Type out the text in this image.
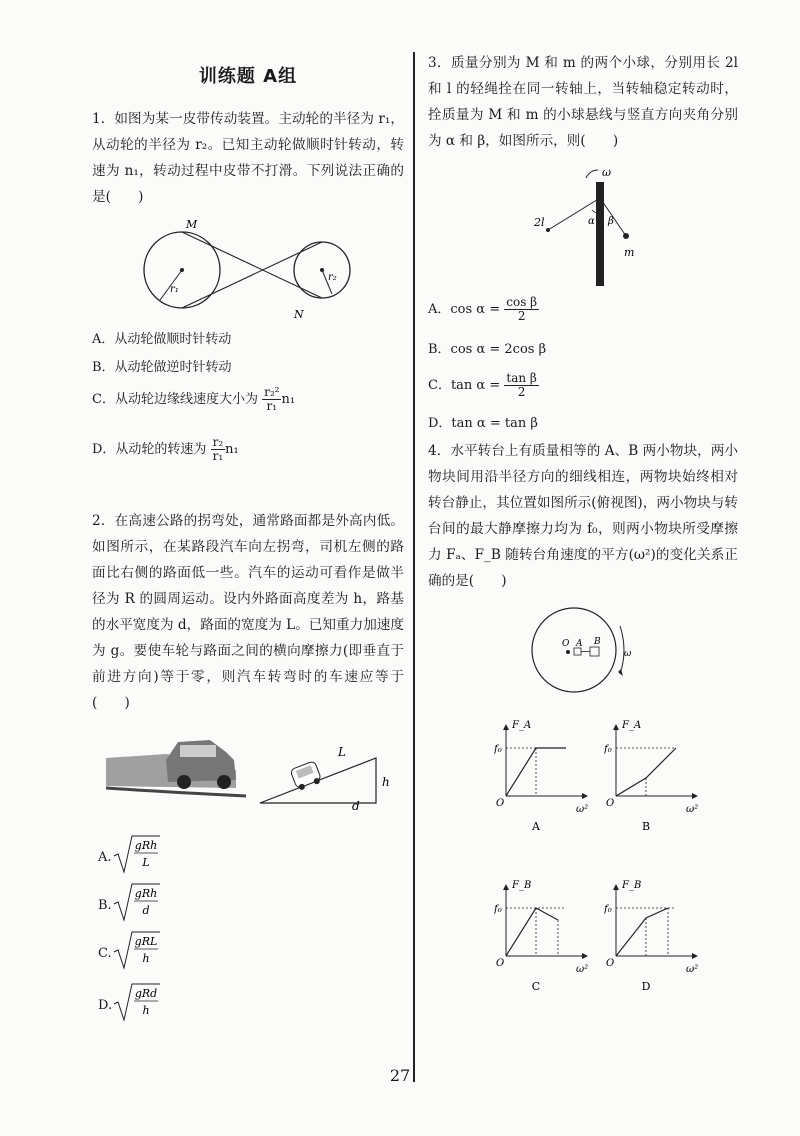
训练题 A组

1．如图为某一皮带传动装置。主动轮的半径为 r₁，从动轮的半径为 r₂。已知主动轮做顺时针转动，转速为 n₁，转动过程中皮带不打滑。下列说法正确的是(　　)

M
N
r₁
r₂
A．从动轮做顺时针转动
B．从动轮做逆时针转动
C．从动轮边缘线速度大小为 $\frac{\text{r₂²}}{\text{r₁}} n_1$
D．从动轮的转速为 $\frac{\text{r₂}}{\text{r₁}} n_1$

2．在高速公路的拐弯处，通常路面都是外高内低。如图所示，在某路段汽车向左拐弯，司机左侧的路面比右侧的路面低一些。汽车的运动可看作是做半径为 R 的圆周运动。设内外路面高度差为 h，路基的水平宽度为 d，路面的宽度为 L。已知重力加速度为 g。要使车轮与路面之间的横向摩擦力(即垂直于前进方向)等于零，则汽车转弯时的车速应等于(　　)

L
h
d
A.
gRh
L
B.
gRh
d
C.
gRL
h
D.
gRd
h

3．质量分别为 M 和 m 的两个小球，分别用长 2l 和 l 的轻绳拴在同一转轴上，当转轴稳定转动时，拴质量为 M 和 m 的小球悬线与竖直方向夹角分别为 α 和 β，如图所示，则(　　)

ω
2l	α β
m
A．$\cos \alpha = \frac{\text{cos β}}{2}$
B．cos α = 2cos β
C．$\tan \alpha = \frac{\text{tan β}}{2}$
D．tan α = tan β

4．水平转台上有质量相等的 A、B 两小物块，两小物块间用沿半径方向的细线相连，两物块始终相对转台静止，其位置如图所示(俯视图)，两小物块与转台间的最大静摩擦力均为 f₀，则两小物块所受摩擦力 Fₐ、F_B 随转台角速度的平方(ω²)的变化关系正确的是(　　)

O A B
ω
F_A
f₀
O
ω²
A
F_A
f₀
O
ω²
B
F_B
f₀
O
ω²
C
F_B
f₀
O
ω²
D
27
